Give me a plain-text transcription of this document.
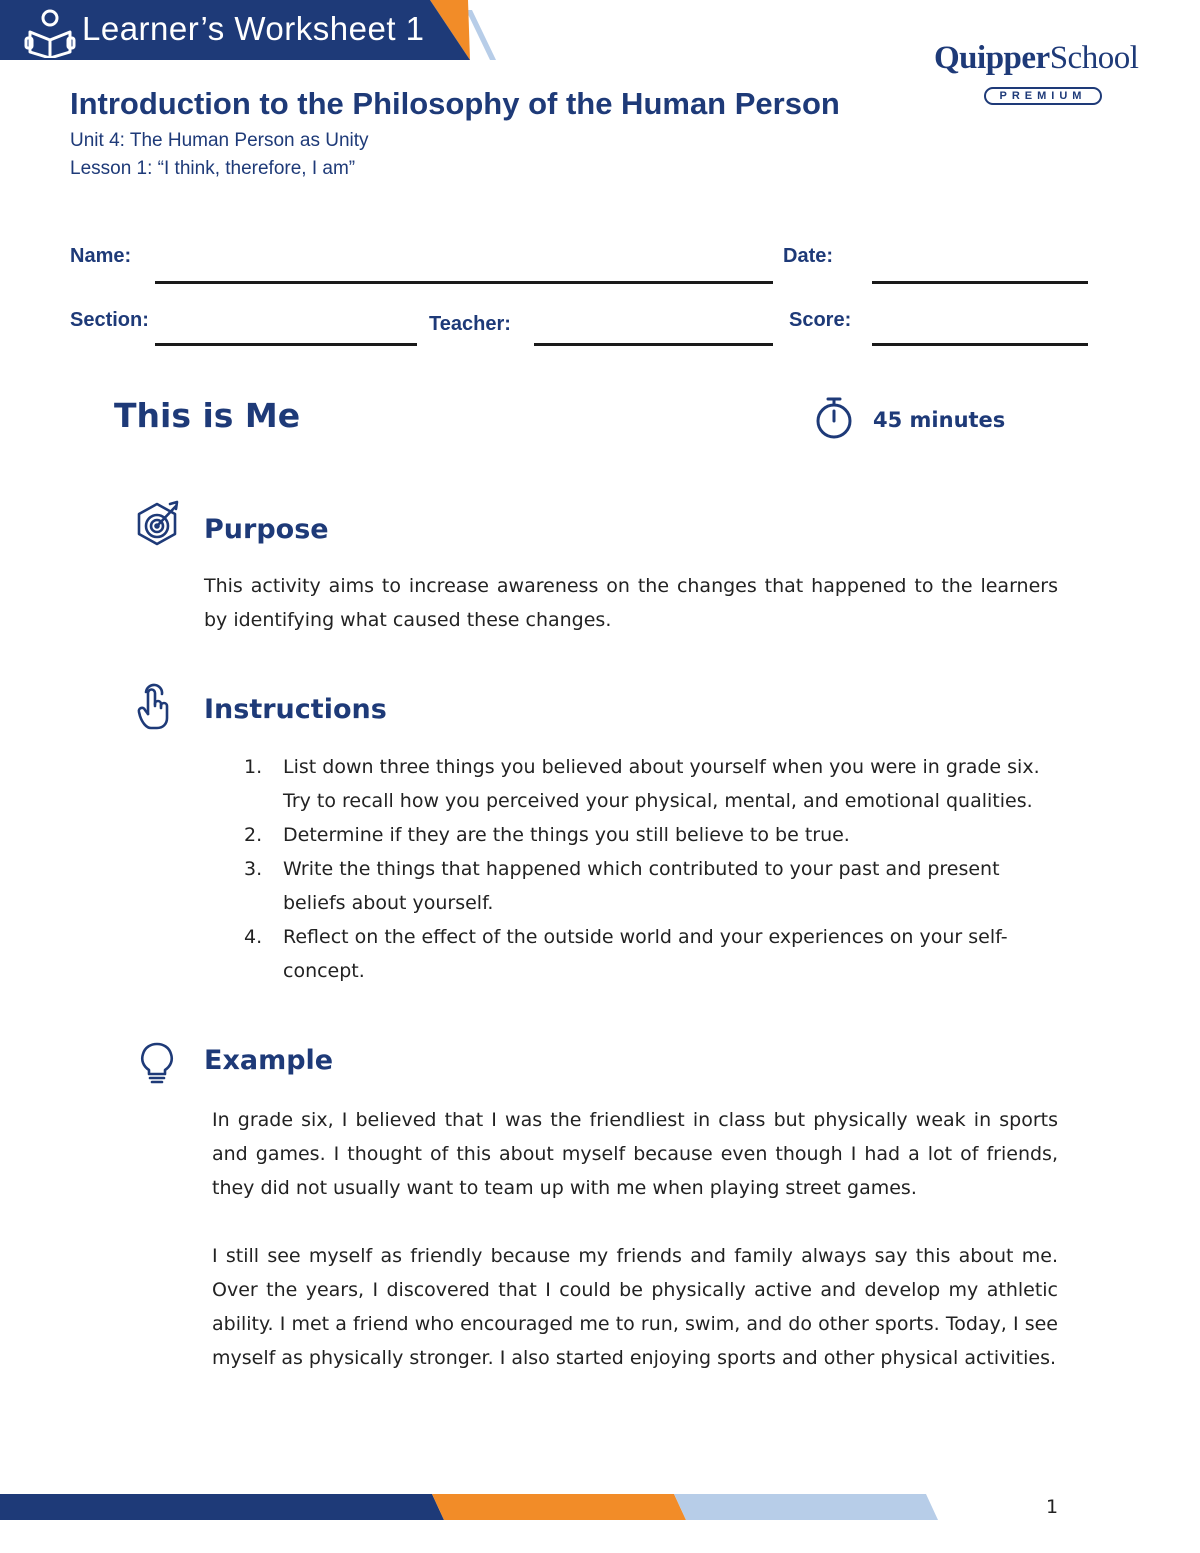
Learner’s Worksheet 1
QuipperSchool
PREMIUM
Introduction to the Philosophy of the Human Person
Unit 4: The Human Person as Unity
Lesson 1: “I think, therefore, I am”
Name:	Date:
Section:	Teacher:	Score:
This is Me	45 minutes
Purpose

This activity aims to increase awareness on the changes that happened to the learners by identifying what caused these changes.

Instructions
1. List down three things you believed about yourself when you were in grade six. Try to recall how you perceived your physical, mental, and emotional qualities.
2. Determine if they are the things you still believe to be true.
3. Write the things that happened which contributed to your past and present beliefs about yourself.
4. Reflect on the effect of the outside world and your experiences on your self-concept.
Example

In grade six, I believed that I was the friendliest in class but physically weak in sports and games. I thought of this about myself because even though I had a lot of friends, they did not usually want to team up with me when playing street games.

I still see myself as friendly because my friends and family always say this about me. Over the years, I discovered that I could be physically active and develop my athletic ability. I met a friend who encouraged me to run, swim, and do other sports. Today, I see myself as physically stronger. I also started enjoying sports and other physical activities.

1
